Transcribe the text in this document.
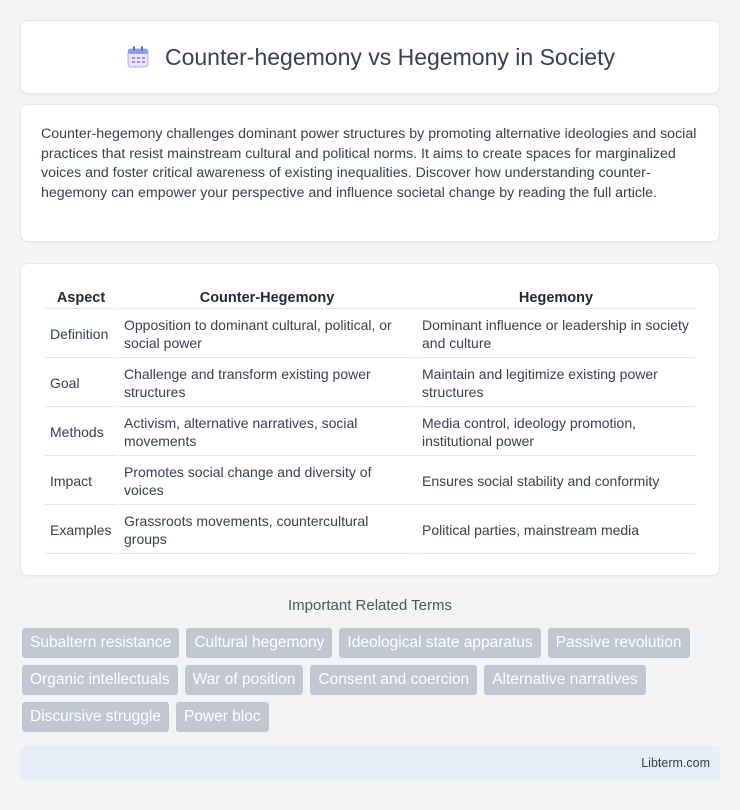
Counter-hegemony vs Hegemony in Society

Counter-hegemony challenges dominant power structures by promoting alternative ideologies and social practices that resist mainstream cultural and political norms. It aims to create spaces for marginalized voices and foster critical awareness of existing inequalities. Discover how understanding counter-hegemony can empower your perspective and influence societal change by reading the full article.

Aspect	Counter-Hegemony	Hegemony
Definition	Opposition to dominant cultural, political, or social power	Dominant influence or leadership in society and culture
Goal	Challenge and transform existing power structures	Maintain and legitimize existing power structures
Methods	Activism, alternative narratives, social movements	Media control, ideology promotion, institutional power
Impact	Promotes social change and diversity of voices	Ensures social stability and conformity
Examples	Grassroots movements, countercultural groups	Political parties, mainstream media
Important Related Terms
Subaltern resistance	Cultural hegemony	Ideological state apparatus	Passive revolution
Organic intellectuals	War of position	Consent and coercion	Alternative narratives
Discursive struggle	Power bloc
Libterm.com
